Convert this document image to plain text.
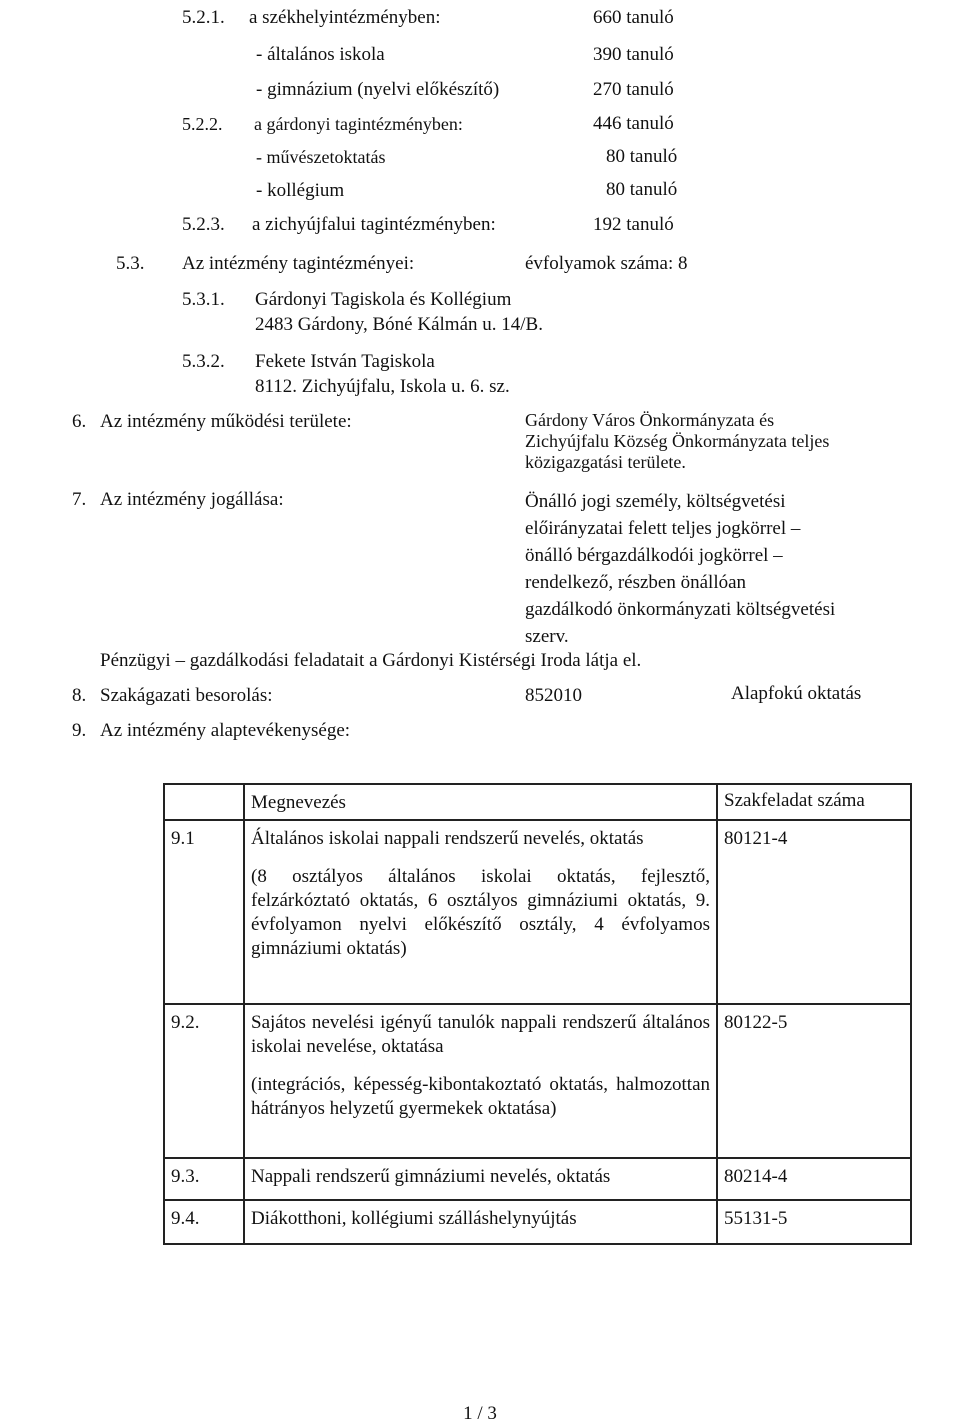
5.2.1. a székhelyintézményben:	660 tanuló
- általános iskola	390 tanuló
- gimnázium (nyelvi előkészítő)	270 tanuló
5.2.2. a gárdonyi tagintézményben:	446 tanuló
- művészetoktatás	80 tanuló
- kollégium	80 tanuló
5.2.3. a zichyújfalui tagintézményben:	192 tanuló
5.3. Az intézmény tagintézményei:	évfolyamok száma: 8
5.3.1. Gárdonyi Tagiskola és Kollégium
2483 Gárdony, Bóné Kálmán u. 14/B.
5.3.2. Fekete István Tagiskola
8112. Zichyújfalu, Iskola u. 6. sz.
6. Az intézmény működési területe:	Gárdony Város Önkormányzata és
Zichyújfalu Község Önkormányzata teljes
közigazgatási területe.
7. Az intézmény jogállása:	Önálló jogi személy, költségvetési
előirányzatai felett teljes jogkörrel –
önálló bérgazdálkodói jogkörrel –
rendelkező, részben önállóan
gazdálkodó önkormányzati költségvetési
szerv.
Pénzügyi – gazdálkodási feladatait a Gárdonyi Kistérségi Iroda látja el.
8. Szakágazati besorolás:	852010	Alapfokú oktatás
9. Az intézmény alaptevékenysége:
	Megnevezés	Szakfeladat száma
9.1	Általános iskolai nappali rendszerű nevelés, oktatás

(8 osztályos általános iskolai oktatás, fejlesztő, felzárkóztató oktatás, 6 osztályos gimnáziumi oktatás, 9. évfolyamon nyelvi előkészítő osztály, 4 évfolyamos gimnáziumi oktatás)	80121-4
9.2.	Sajátos nevelési igényű tanulók nappali rendszerű általános iskolai nevelése, oktatása

(integrációs, képesség-kibontakoztató oktatás, halmozottan hátrányos helyzetű gyermekek oktatása)	80122-5
9.3.	Nappali rendszerű gimnáziumi nevelés, oktatás	80214-4
9.4.	Diákotthoni, kollégiumi szálláshelynyújtás	55131-5
1 / 3
